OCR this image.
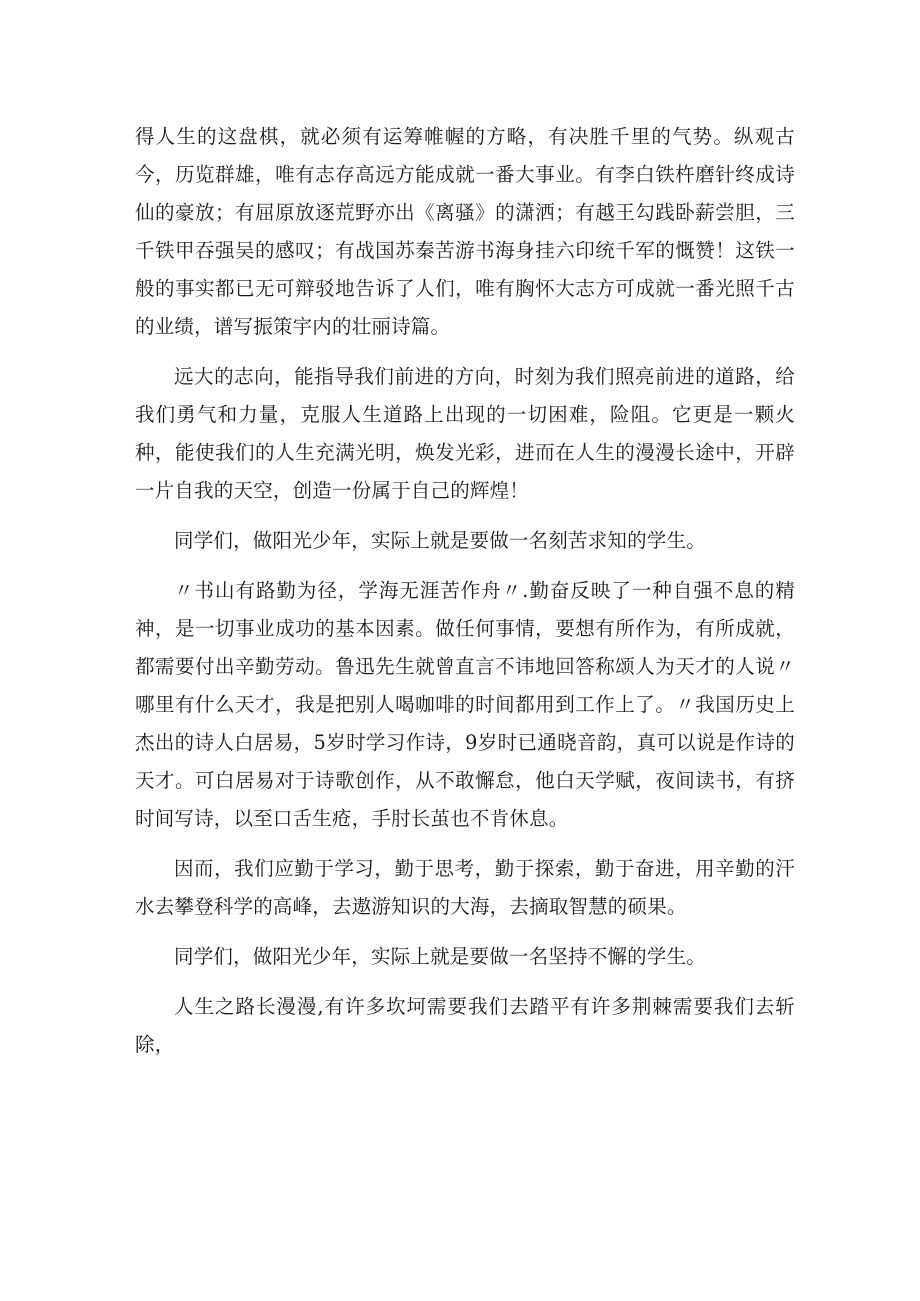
得人生的这盘棋，就必须有运筹帷幄的方略，有决胜千里的气势。纵观古今，历览群雄，唯有志存高远方能成就一番大事业。有李白铁杵磨针终成诗仙的豪放；有屈原放逐荒野亦出《离骚》的潇洒；有越王勾践卧薪尝胆，三千铁甲吞强吴的感叹；有战国苏秦苦游书海身挂六印统千军的慨赞！这铁一般的事实都已无可辩驳地告诉了人们，唯有胸怀大志方可成就一番光照千古的业绩，谱写振策宇内的壮丽诗篇。

远大的志向，能指导我们前进的方向，时刻为我们照亮前进的道路，给我们勇气和力量，克服人生道路上出现的一切困难，险阻。它更是一颗火种，能使我们的人生充满光明，焕发光彩，进而在人生的漫漫长途中，开辟一片自我的天空，创造一份属于自己的辉煌！

同学们，做阳光少年，实际上就是要做一名刻苦求知的学生。

〃书山有路勤为径，学海无涯苦作舟〃.勤奋反映了一种自强不息的精神，是一切事业成功的基本因素。做任何事情，要想有所作为，有所成就，都需要付出辛勤劳动。鲁迅先生就曾直言不讳地回答称颂人为天才的人说〃哪里有什么天才，我是把别人喝咖啡的时间都用到工作上了。〃我国历史上杰出的诗人白居易，5岁时学习作诗，9岁时已通晓音韵，真可以说是作诗的天才。可白居易对于诗歌创作，从不敢懈怠，他白天学赋，夜间读书，有挤时间写诗，以至口舌生疮，手肘长茧也不肯休息。

因而，我们应勤于学习，勤于思考，勤于探索，勤于奋进，用辛勤的汗水去攀登科学的高峰，去遨游知识的大海，去摘取智慧的硕果。

同学们，做阳光少年，实际上就是要做一名坚持不懈的学生。

人生之路长漫漫,有许多坎坷需要我们去踏平有许多荆棘需要我们去斩除，
